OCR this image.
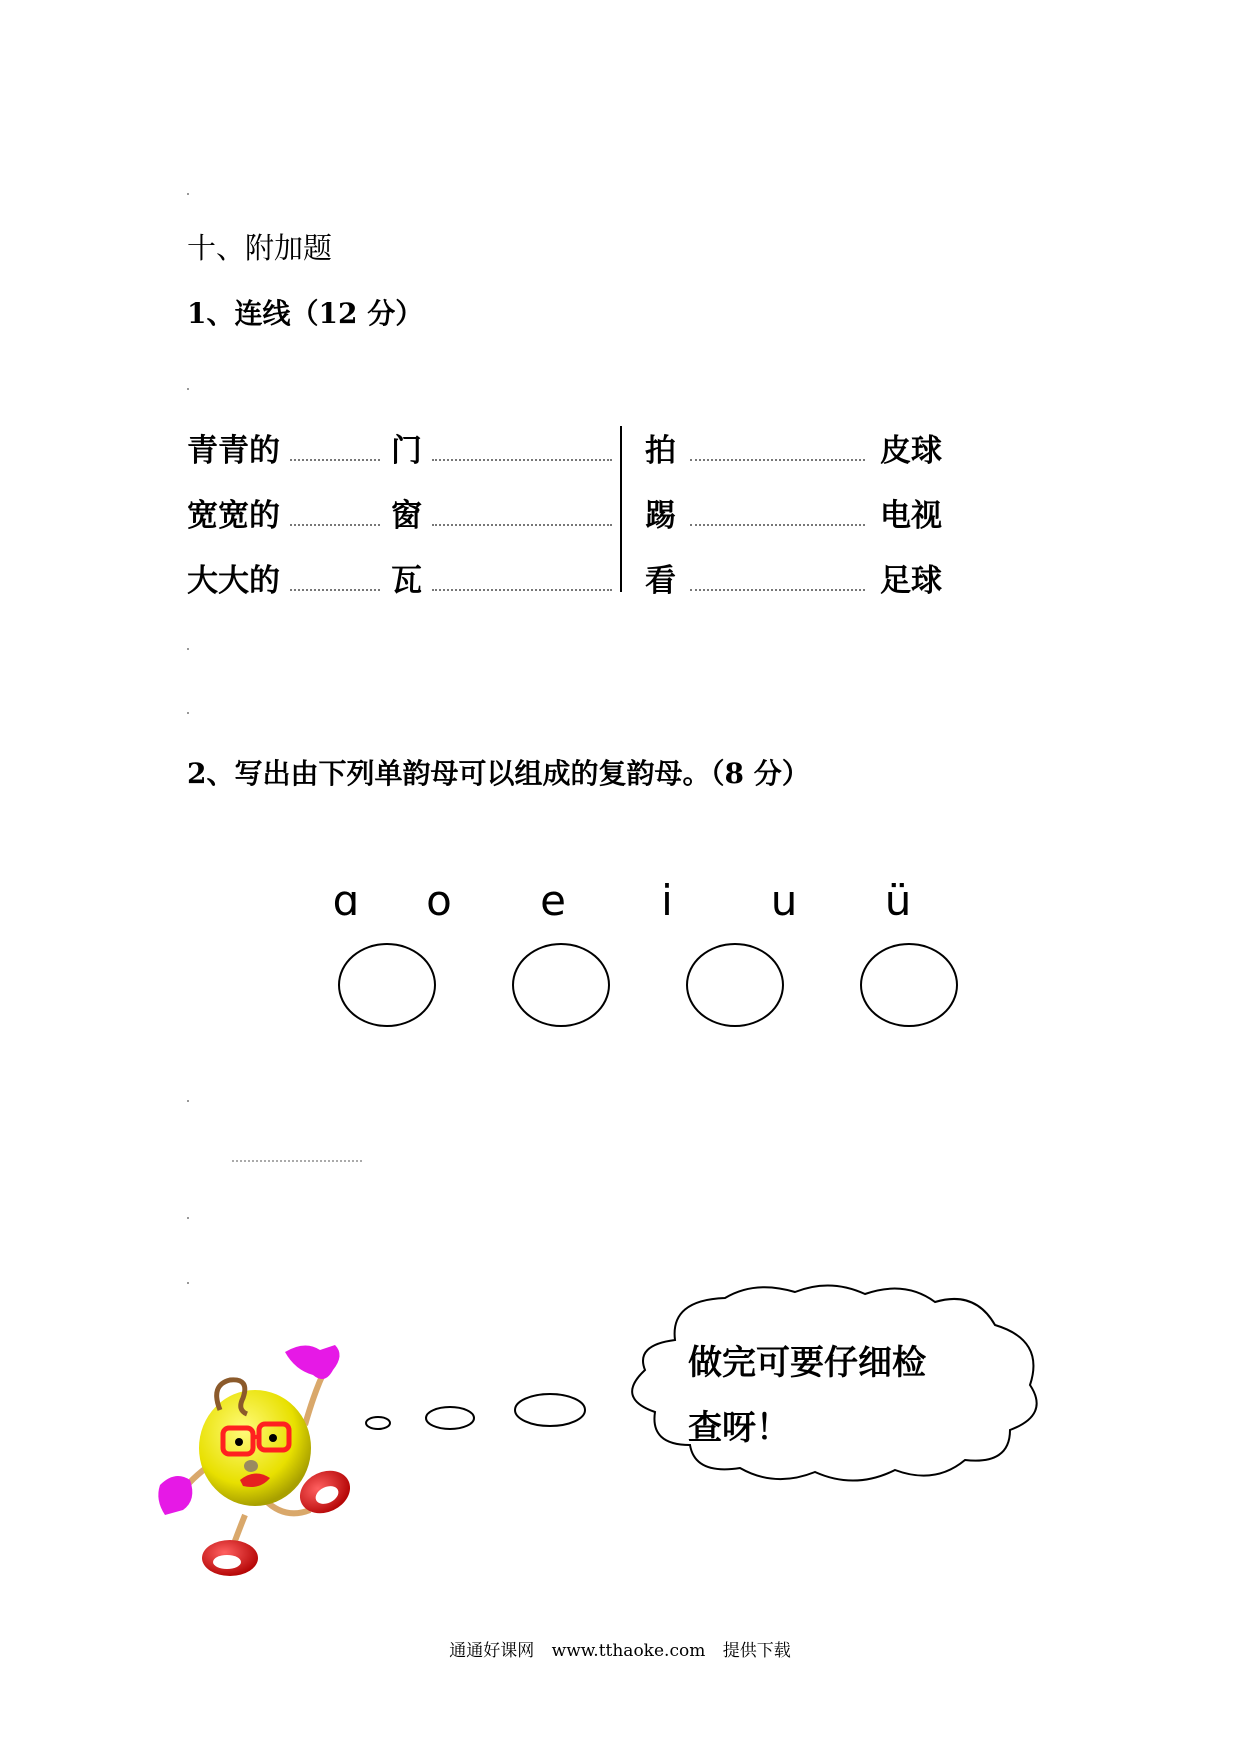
十、附加题
1、连线（12 分）
青青的
宽宽的
大大的
门
窗
瓦
拍
踢
看
皮球
电视
足球
2、写出由下列单韵母可以组成的复韵母。（8 分）
ɑ o e	i	u ü
做完可要仔细检
查呀！
通通好课网 www.tthaoke.com 提供下载
